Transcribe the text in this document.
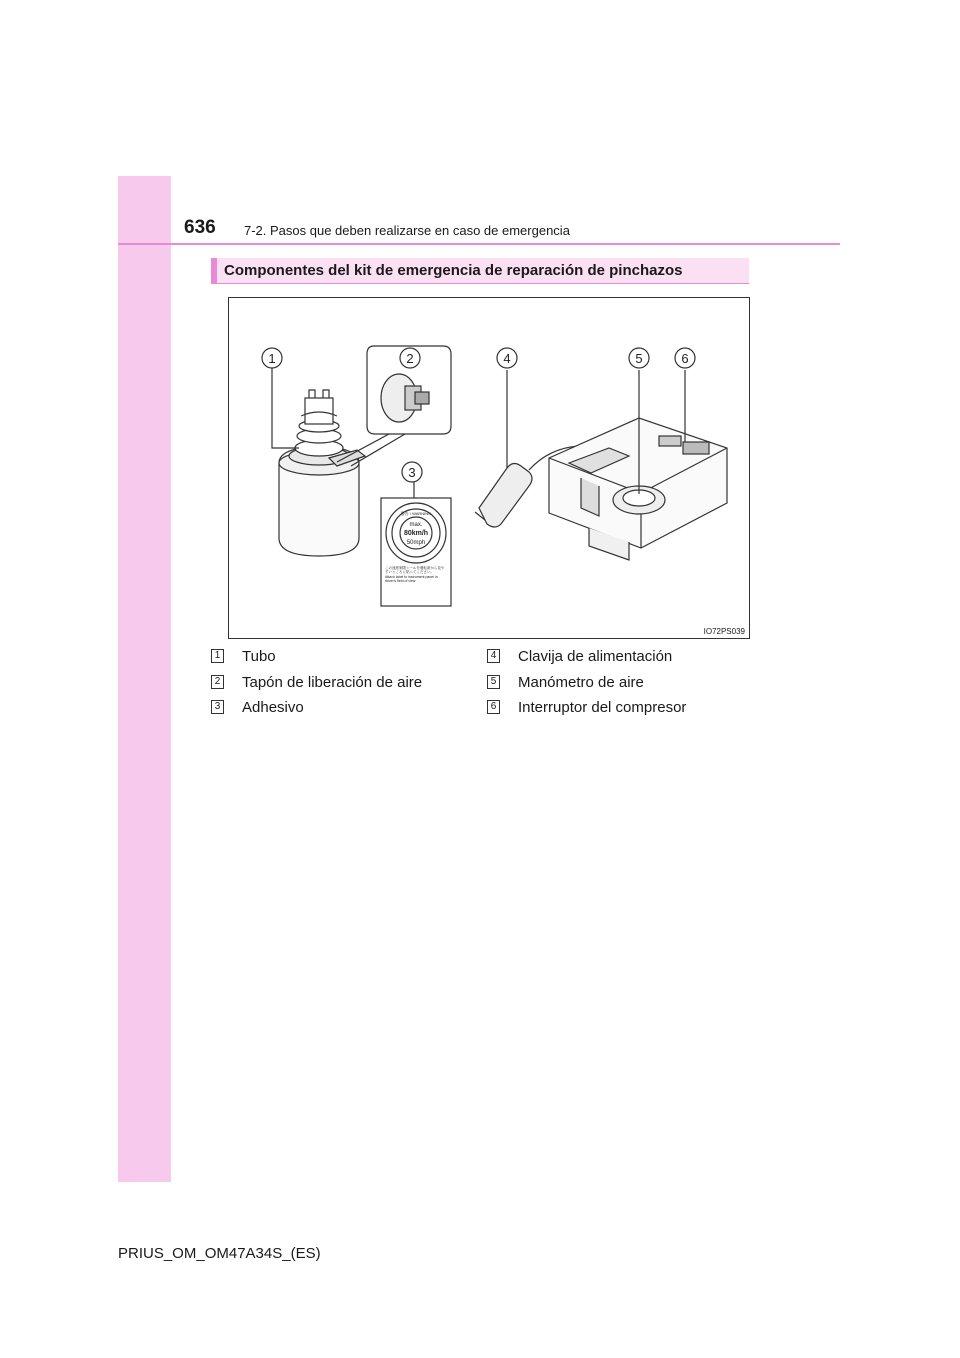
636 7-2. Pasos que deben realizarse en caso de emergencia
Componentes del kit de emergencia de reparación de pinchazos
1	2
3
4	5	6
警告 / WARNING
max.
80km/h
50mph
この速度制限シールを運転席から見やすいところに貼ってください。
Attach label to instrument panel in driver's field of view
IO72PS039
1 Tubo
2 Tapón de liberación de aire
3 Adhesivo
4 Clavija de alimentación
5 Manómetro de aire
6 Interruptor del compresor
PRIUS_OM_OM47A34S_(ES)
